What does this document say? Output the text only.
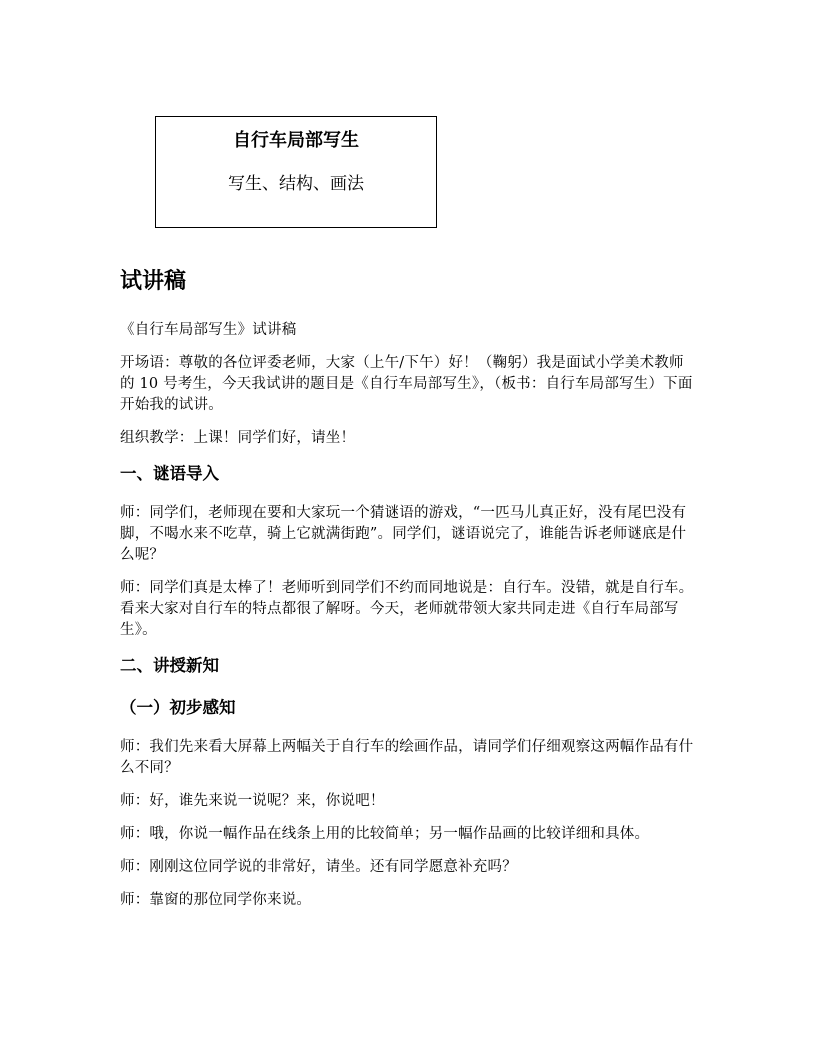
自行车局部写生
写生、结构、画法
试讲稿

《自行车局部写生》试讲稿

开场语：尊敬的各位评委老师，大家（上午/下午）好！（鞠躬）我是面试小学美术教师的 10 号考生，今天我试讲的题目是《自行车局部写生》，（板书：自行车局部写生）下面开始我的试讲。

组织教学：上课！同学们好，请坐！

一、谜语导入

师：同学们，老师现在要和大家玩一个猜谜语的游戏，“一匹马儿真正好，没有尾巴没有脚，不喝水来不吃草，骑上它就满街跑”。同学们，谜语说完了，谁能告诉老师谜底是什么呢？

师：同学们真是太棒了！老师听到同学们不约而同地说是：自行车。没错，就是自行车。看来大家对自行车的特点都很了解呀。今天，老师就带领大家共同走进《自行车局部写生》。

二、讲授新知
（一）初步感知

师：我们先来看大屏幕上两幅关于自行车的绘画作品，请同学们仔细观察这两幅作品有什么不同？

师：好，谁先来说一说呢？来，你说吧！

师：哦，你说一幅作品在线条上用的比较简单；另一幅作品画的比较详细和具体。

师：刚刚这位同学说的非常好，请坐。还有同学愿意补充吗？

师：靠窗的那位同学你来说。
